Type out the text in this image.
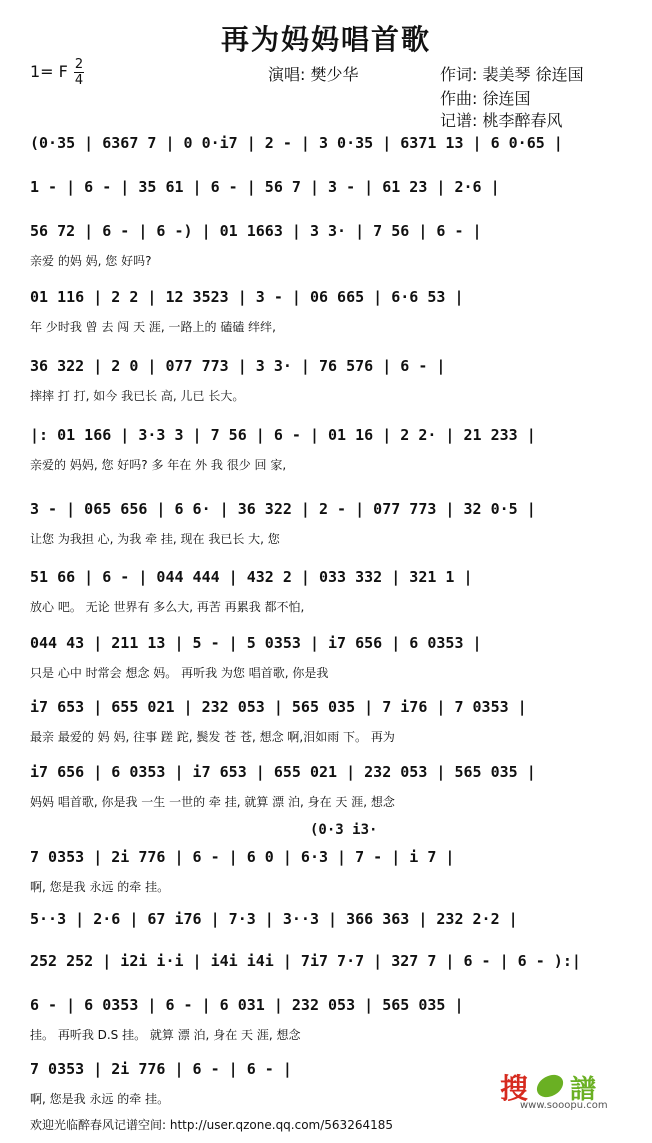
再为妈妈唱首歌
1= F 2
4	演唱: 樊少华	作词: 裴美琴 徐连国
作曲: 徐连国
记谱: 桃李醉春风
(0·35 | 6367 7 | 0 0·i7 | 2 - | 3 0·35 | 6371 13 | 6 0·65 |
1 - | 6 - | 35 61 | 6 - | 56 7 | 3 - | 61 23 | 2·6 |
56 72 | 6 - | 6 -) | 01 1663 | 3 3· | 7 56 | 6 - |
亲爱 的妈 妈, 您 好吗?
01 116 | 2 2 | 12 3523 | 3 - | 06 665 | 6·6 53 |
年 少时我 曾 去 闯 天 涯, 一路上的 磕磕 绊绊,
36 322 | 2 0 | 077 773 | 3 3· | 76 576 | 6 - |
摔摔 打 打, 如今 我已长 高, 儿已 长大。
|: 01 166 | 3·3 3 | 7 56 | 6 - | 01 16 | 2 2· | 21 233 |
亲爱的 妈妈, 您 好吗? 多 年在 外 我 很少 回 家,
3 - | 065 656 | 6 6· | 36 322 | 2 - | 077 773 | 32 0·5 |
让您 为我担 心, 为我 牵 挂, 现在 我已长 大, 您
51 66 | 6 - | 044 444 | 432 2 | 033 332 | 321 1 |
放心 吧。 无论 世界有 多么大, 再苦 再累我 都不怕,
044 43 | 211 13 | 5 - | 5 0353 | i7 656 | 6 0353 |
只是 心中 时常会 想念 妈。 再听我 为您 唱首歌, 你是我
i7 653 | 655 021 | 232 053 | 565 035 | 7 i76 | 7 0353 |
最亲 最爱的 妈 妈, 往事 蹉 跎, 鬓发 苍 苍, 想念 啊,泪如雨 下。 再为
i7 656 | 6 0353 | i7 653 | 655 021 | 232 053 | 565 035 |
妈妈 唱首歌, 你是我 一生 一世的 牵 挂, 就算 漂 泊, 身在 天 涯, 想念
(0·3 i3·
7 0353 | 2i 776 | 6 - | 6 0 | 6·3 | 7 - | i 7 |
啊, 您是我 永远 的牵 挂。
5··3 | 2·6 | 67 i76 | 7·3 | 3··3 | 366 363 | 232 2·2 |
252 252 | i2i i·i | i4i i4i | 7i7 7·7 | 327 7 | 6 - | 6 - ):|
6 - | 6 0353 | 6 - | 6 031 | 232 053 | 565 035 |
挂。 再听我 D.S 挂。 就算 漂 泊, 身在 天 涯, 想念
7 0353 | 2i 776 | 6 - | 6 - |
啊, 您是我 永远 的牵 挂。
欢迎光临醉春风记谱空间: http://user.qzone.qq.com/563264185
搜 譜
www.sooopu.com
